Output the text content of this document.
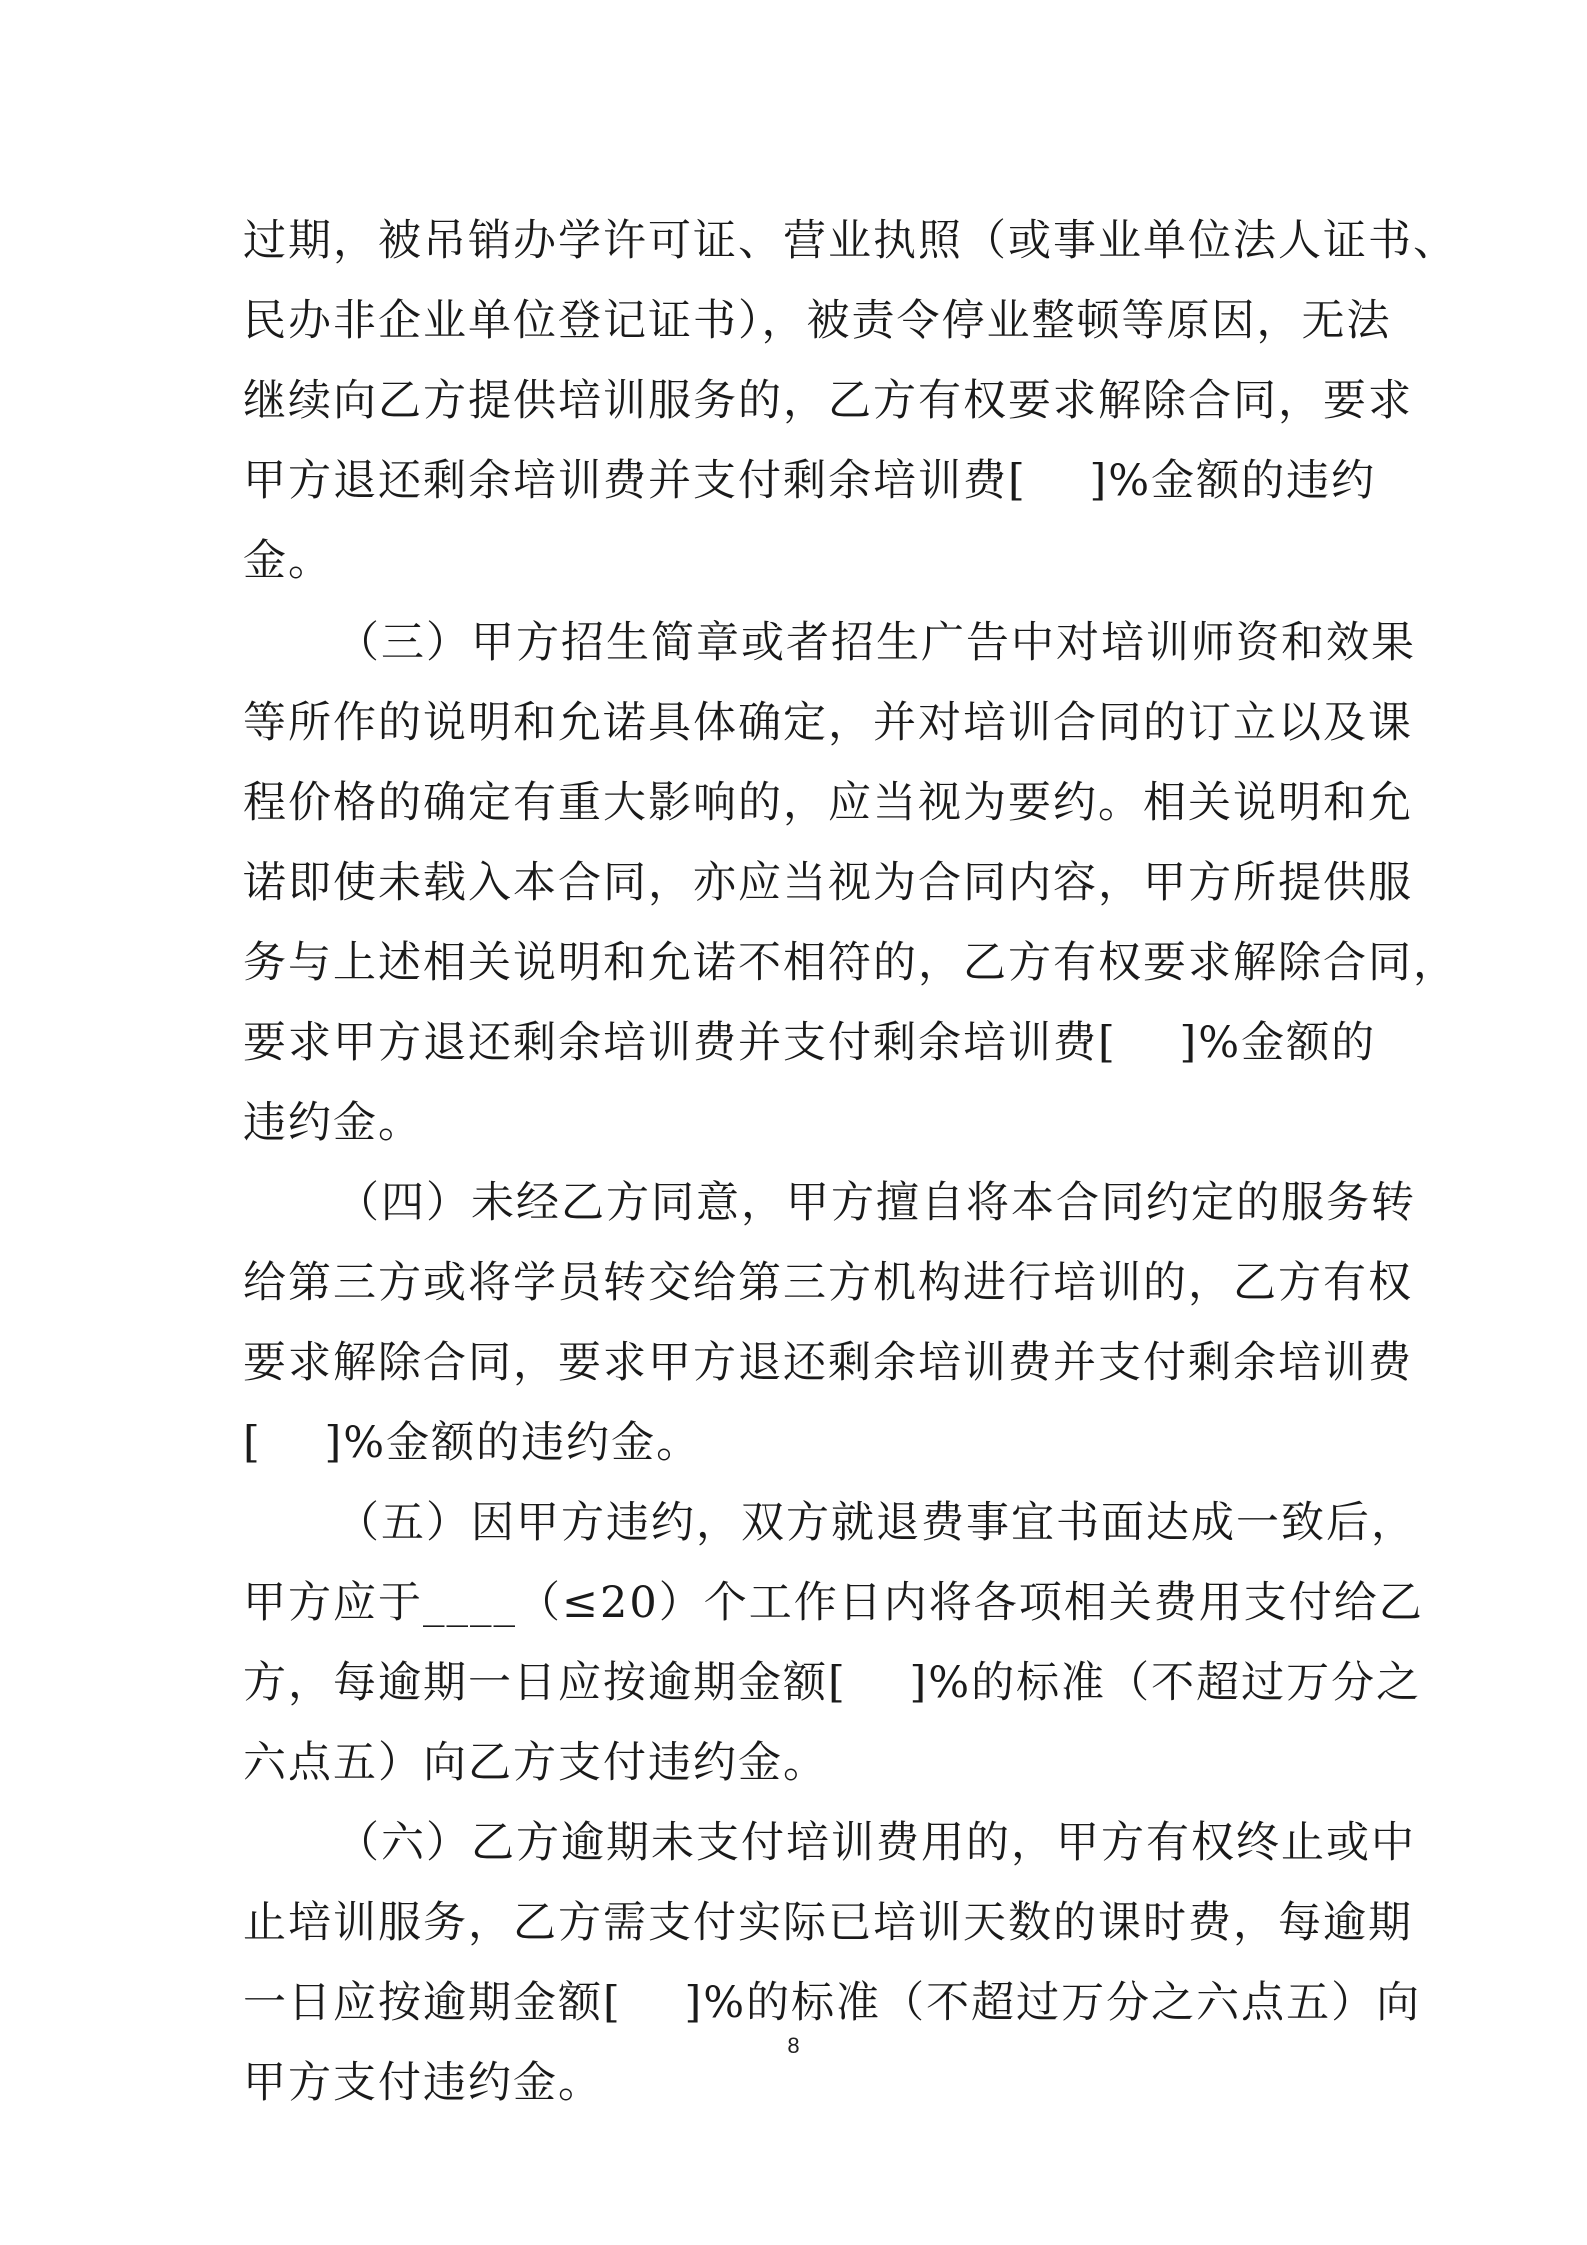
过期，被吊销办学许可证、营业执照（或事业单位法人证书、
民办非企业单位登记证书），被责令停业整顿等原因，无法
继续向乙方提供培训服务的，乙方有权要求解除合同，要求
甲方退还剩余培训费并支付剩余培训费[    ]%金额的违约
金。
（三）甲方招生简章或者招生广告中对培训师资和效果
等所作的说明和允诺具体确定，并对培训合同的订立以及课
程价格的确定有重大影响的，应当视为要约。相关说明和允
诺即使未载入本合同，亦应当视为合同内容，甲方所提供服
务与上述相关说明和允诺不相符的，乙方有权要求解除合同，
要求甲方退还剩余培训费并支付剩余培训费[    ]%金额的
违约金。
（四）未经乙方同意，甲方擅自将本合同约定的服务转
给第三方或将学员转交给第三方机构进行培训的，乙方有权
要求解除合同，要求甲方退还剩余培训费并支付剩余培训费
[    ]%金额的违约金。
（五）因甲方违约，双方就退费事宜书面达成一致后，
甲方应于____（≤20）个工作日内将各项相关费用支付给乙
方，每逾期一日应按逾期金额[    ]%的标准（不超过万分之
六点五）向乙方支付违约金。
（六）乙方逾期未支付培训费用的，甲方有权终止或中
止培训服务，乙方需支付实际已培训天数的课时费，每逾期
一日应按逾期金额[    ]%的标准（不超过万分之六点五）向
甲方支付违约金。
8
